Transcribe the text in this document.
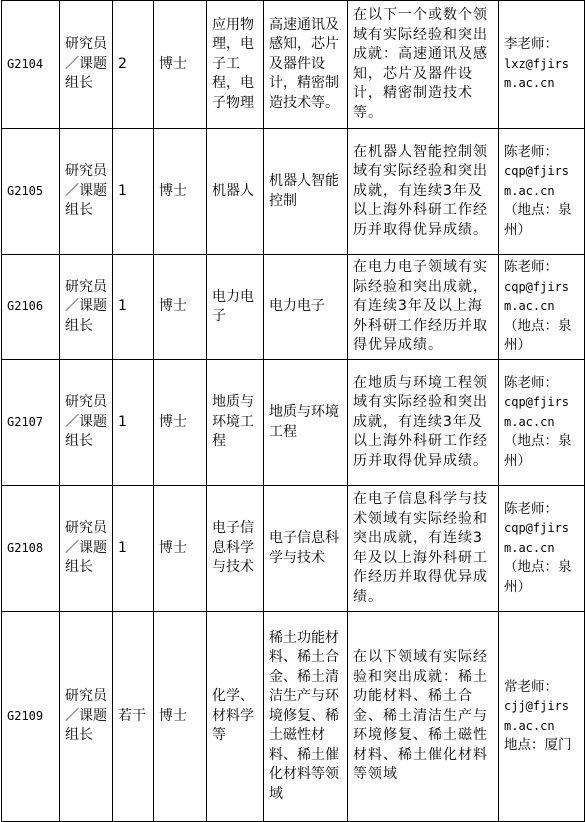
G2104	研究员／课题组长	2	博士	应用物理，电子工程，电子物理	高速通讯及感知，芯片及器件设计，精密制造技术等。	在以下一个或数个领域有实际经验和突出成就：高速通讯及感知，芯片及器件设计，精密制造技术等。	李老师：
lxz@fjirsm.ac.cn

G2105	研究员／课题组长	1	博士	机器人	机器人智能控制	在机器人智能控制领域有实际经验和突出成就，有连续3年及以上海外科研工作经历并取得优异成绩。	陈老师：
cqp@fjirsm.ac.cn
（地点：泉州）

G2106	研究员／课题组长	1	博士	电力电子	电力电子	在电力电子领域有实际经验和突出成就，有连续3年及以上海外科研工作经历并取得优异成绩。	陈老师：
cqp@fjirsm.ac.cn
（地点：泉州）

G2107	研究员／课题组长	1	博士	地质与环境工程	地质与环境工程	在地质与环境工程领域有实际经验和突出成就，有连续3年及以上海外科研工作经历并取得优异成绩。	陈老师：
cqp@fjirsm.ac.cn
（地点：泉州）

G2108	研究员／课题组长	1	博士	电子信息科学与技术	电子信息科学与技术	在电子信息科学与技术领域有实际经验和突出成就，有连续3年及以上海外科研工作经历并取得优异成绩。	陈老师：
cqp@fjirsm.ac.cn
（地点：泉州）

G2109	研究员／课题组长	若干	博士	化学、材料学等	稀土功能材料、稀土合金、稀土清洁生产与环境修复、稀土磁性材料、稀土催化材料等领域	在以下领域有实际经验和突出成就：稀土功能材料、稀土合金、稀土清洁生产与环境修复、稀土磁性材料、稀土催化材料等领域	常老师：
cjj@fjirsm.ac.cn
地点：厦门
